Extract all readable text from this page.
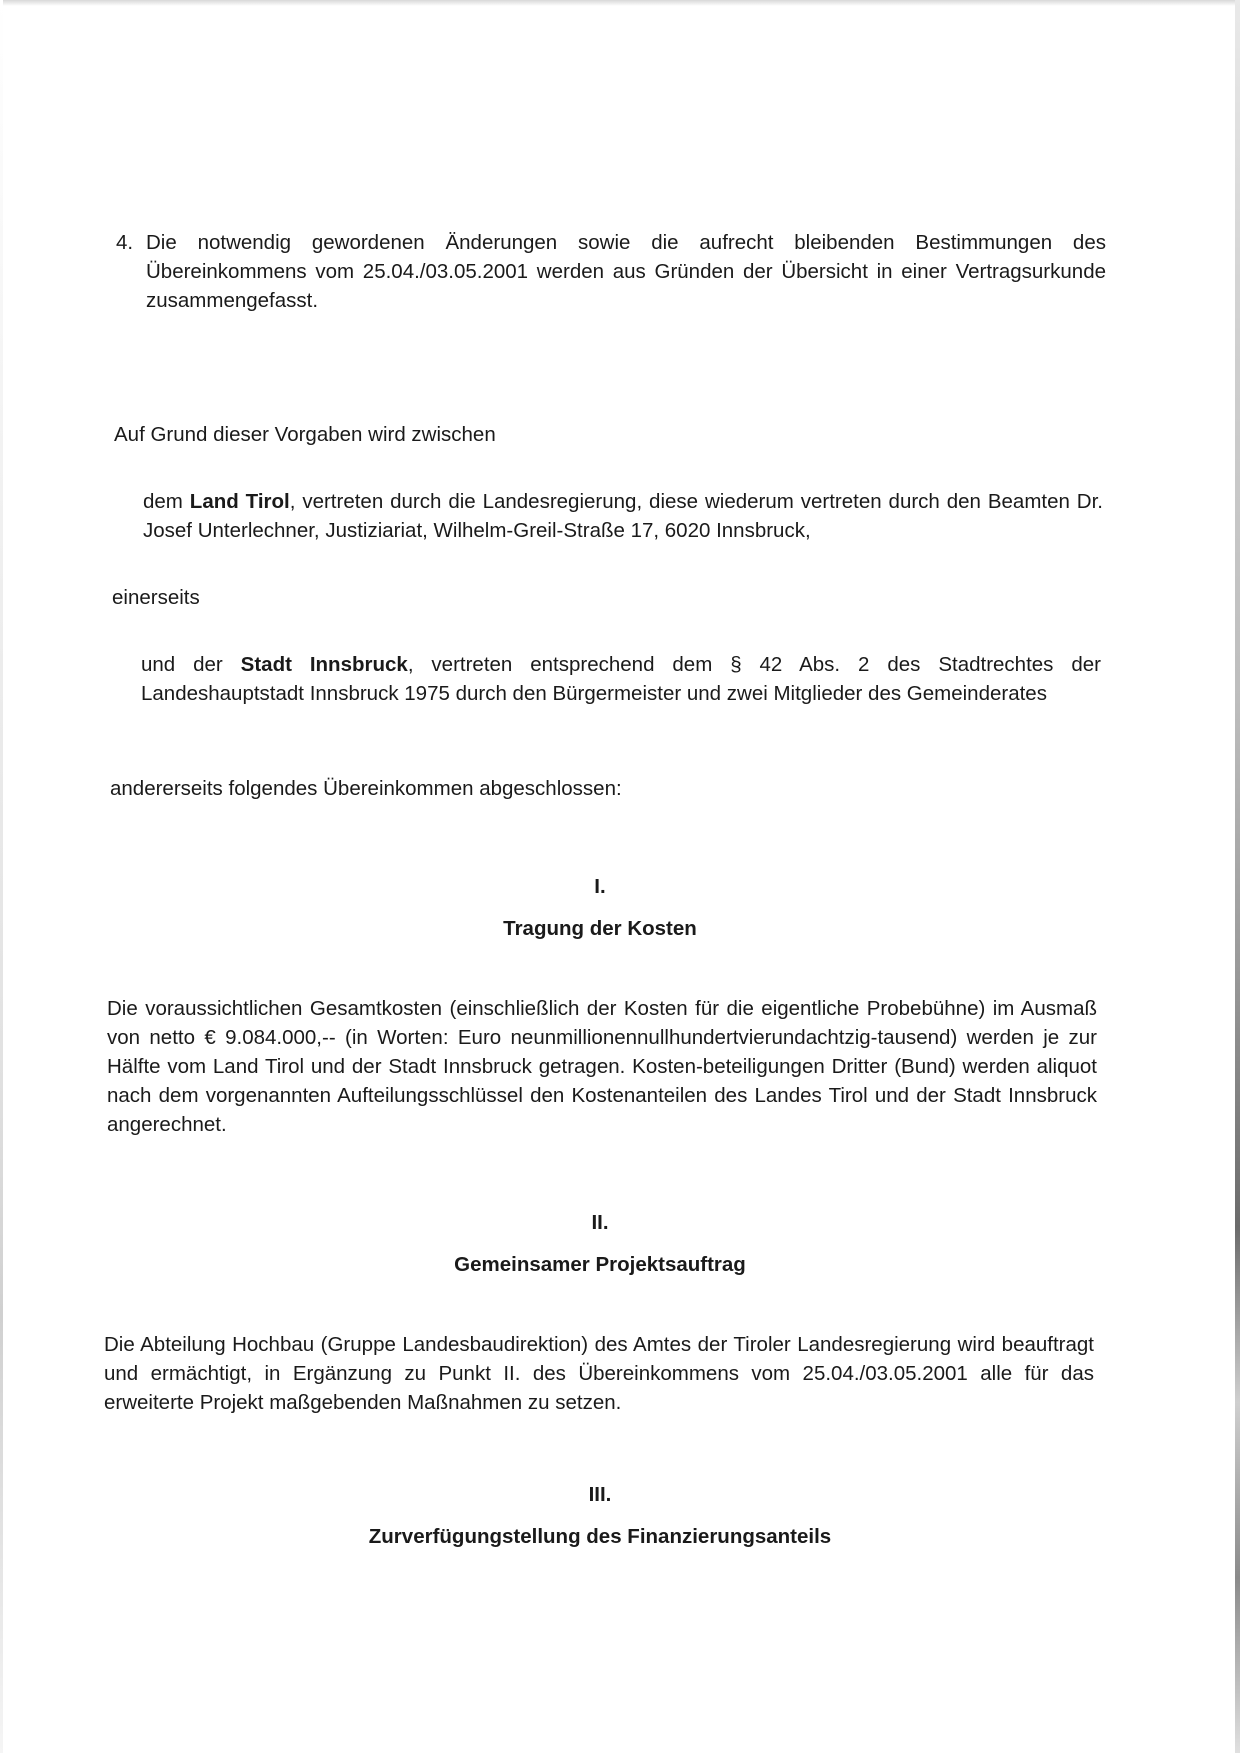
4. Die notwendig gewordenen Änderungen sowie die aufrecht bleibenden Bestimmungen des Übereinkommens vom 25.04./03.05.2001 werden aus Gründen der Übersicht in einer Vertragsurkunde zusammengefasst.
Auf Grund dieser Vorgaben wird zwischen
dem Land Tirol, vertreten durch die Landesregierung, diese wiederum vertreten durch den Beamten Dr. Josef Unterlechner, Justiziariat, Wilhelm-Greil-Straße 17, 6020 Innsbruck,
einerseits
und der Stadt Innsbruck, vertreten entsprechend dem § 42 Abs. 2 des Stadtrechtes der Landeshauptstadt Innsbruck 1975 durch den Bürgermeister und zwei Mitglieder des Gemeinderates
andererseits folgendes Übereinkommen abgeschlossen:
I.
Tragung der Kosten
Die voraussichtlichen Gesamtkosten (einschließlich der Kosten für die eigentliche Probebühne) im Ausmaß von netto € 9.084.000,-- (in Worten: Euro neunmillionennullhundertvierundachtzig-tausend) werden je zur Hälfte vom Land Tirol und der Stadt Innsbruck getragen. Kosten-beteiligungen Dritter (Bund) werden aliquot nach dem vorgenannten Aufteilungsschlüssel den Kostenanteilen des Landes Tirol und der Stadt Innsbruck angerechnet.
II.
Gemeinsamer Projektsauftrag
Die Abteilung Hochbau (Gruppe Landesbaudirektion) des Amtes der Tiroler Landesregierung wird beauftragt und ermächtigt, in Ergänzung zu Punkt II. des Übereinkommens vom 25.04./03.05.2001 alle für das erweiterte Projekt maßgebenden Maßnahmen zu setzen.
III.
Zurverfügungstellung des Finanzierungsanteils
